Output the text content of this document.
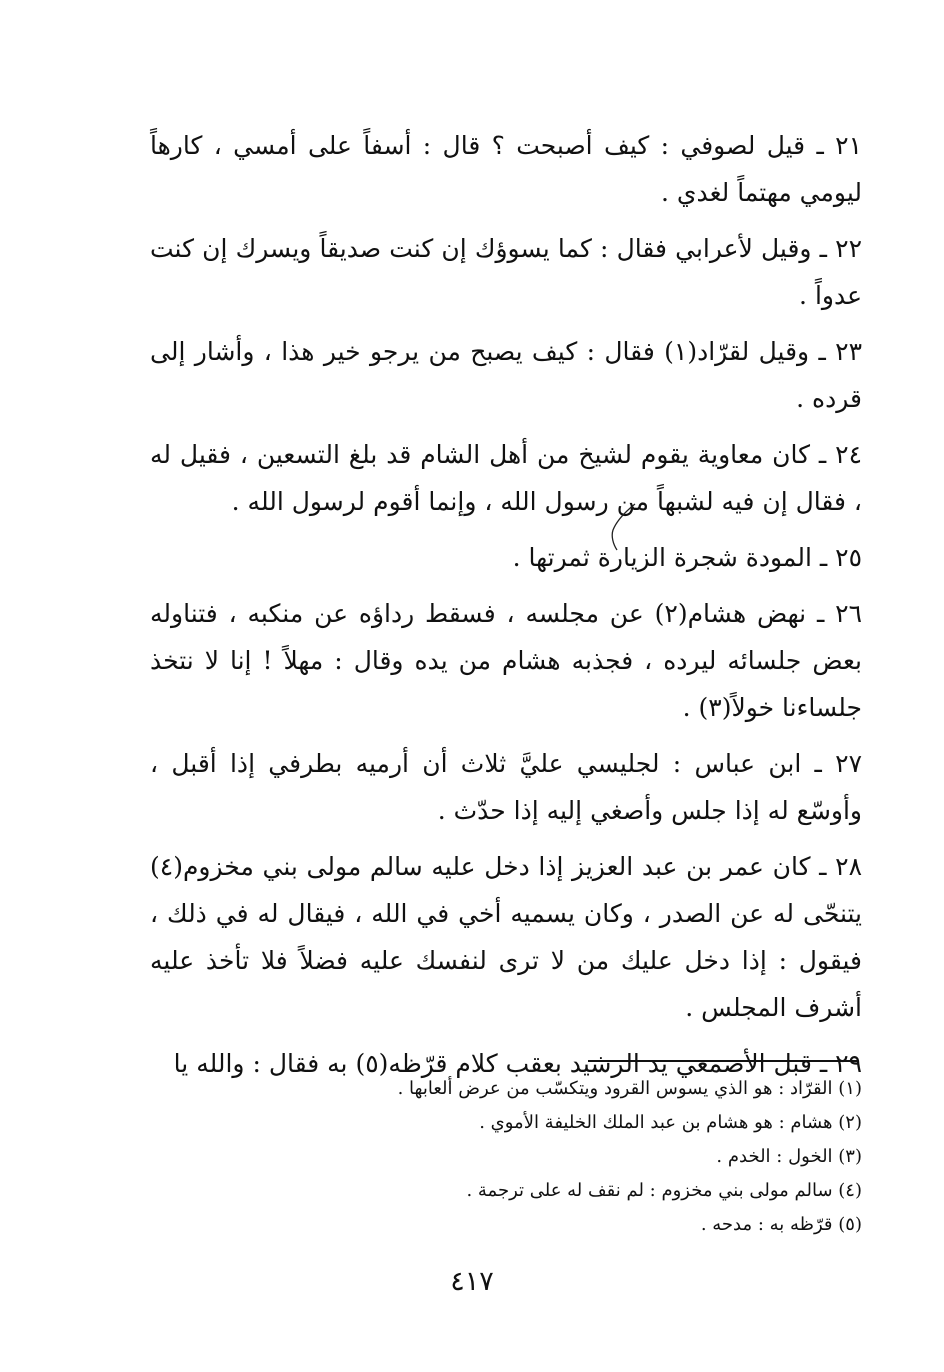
٢١ ـ قيل لصوفي : كيف أصبحت ؟ قال : أسفاً على أمسي ، كارهاً ليومي مهتماً لغدي .

٢٢ ـ وقيل لأعرابي فقال : كما يسوؤك إن كنت صديقاً ويسرك إن كنت عدواً .

٢٣ ـ وقيل لقرّاد(١) فقال : كيف يصبح من يرجو خير هذا ، وأشار إلى قرده .

٢٤ ـ كان معاوية يقوم لشيخ من أهل الشام قد بلغ التسعين ، فقيل له ، فقال إن فيه لشبهاً من رسول الله ، وإنما أقوم لرسول الله .

٢٥ ـ المودة شجرة الزيارة ثمرتها .

٢٦ ـ نهض هشام(٢) عن مجلسه ، فسقط رداؤه عن منكبه ، فتناوله بعض جلسائه ليرده ، فجذبه هشام من يده وقال : مهلاً ! إنا لا نتخذ جلساءنا خولاً(٣) .

٢٧ ـ ابن عباس : لجليسي عليَّ ثلاث أن أرميه بطرفي إذا أقبل ، وأوسّع له إذا جلس وأصغي إليه إذا حدّث .

٢٨ ـ كان عمر بن عبد العزيز إذا دخل عليه سالم مولى بني مخزوم(٤) يتنحّى له عن الصدر ، وكان يسميه أخي في الله ، فيقال له في ذلك ، فيقول : إذا دخل عليك من لا ترى لنفسك عليه فضلاً فلا تأخذ عليه أشرف المجلس .

٢٩ ـ قبل الأصمعي يد الرشيد بعقب كلام قرّظه(٥) به فقال : والله يا

(١) القرّاد : هو الذي يسوس القرود ويتكسّب من عرض ألعابها .

(٢) هشام : هو هشام بن عبد الملك الخليفة الأموي .

(٣) الخول : الخدم .

(٤) سالم مولى بني مخزوم : لم نقف له على ترجمة .

(٥) قرّظه به : مدحه .

٤١٧
